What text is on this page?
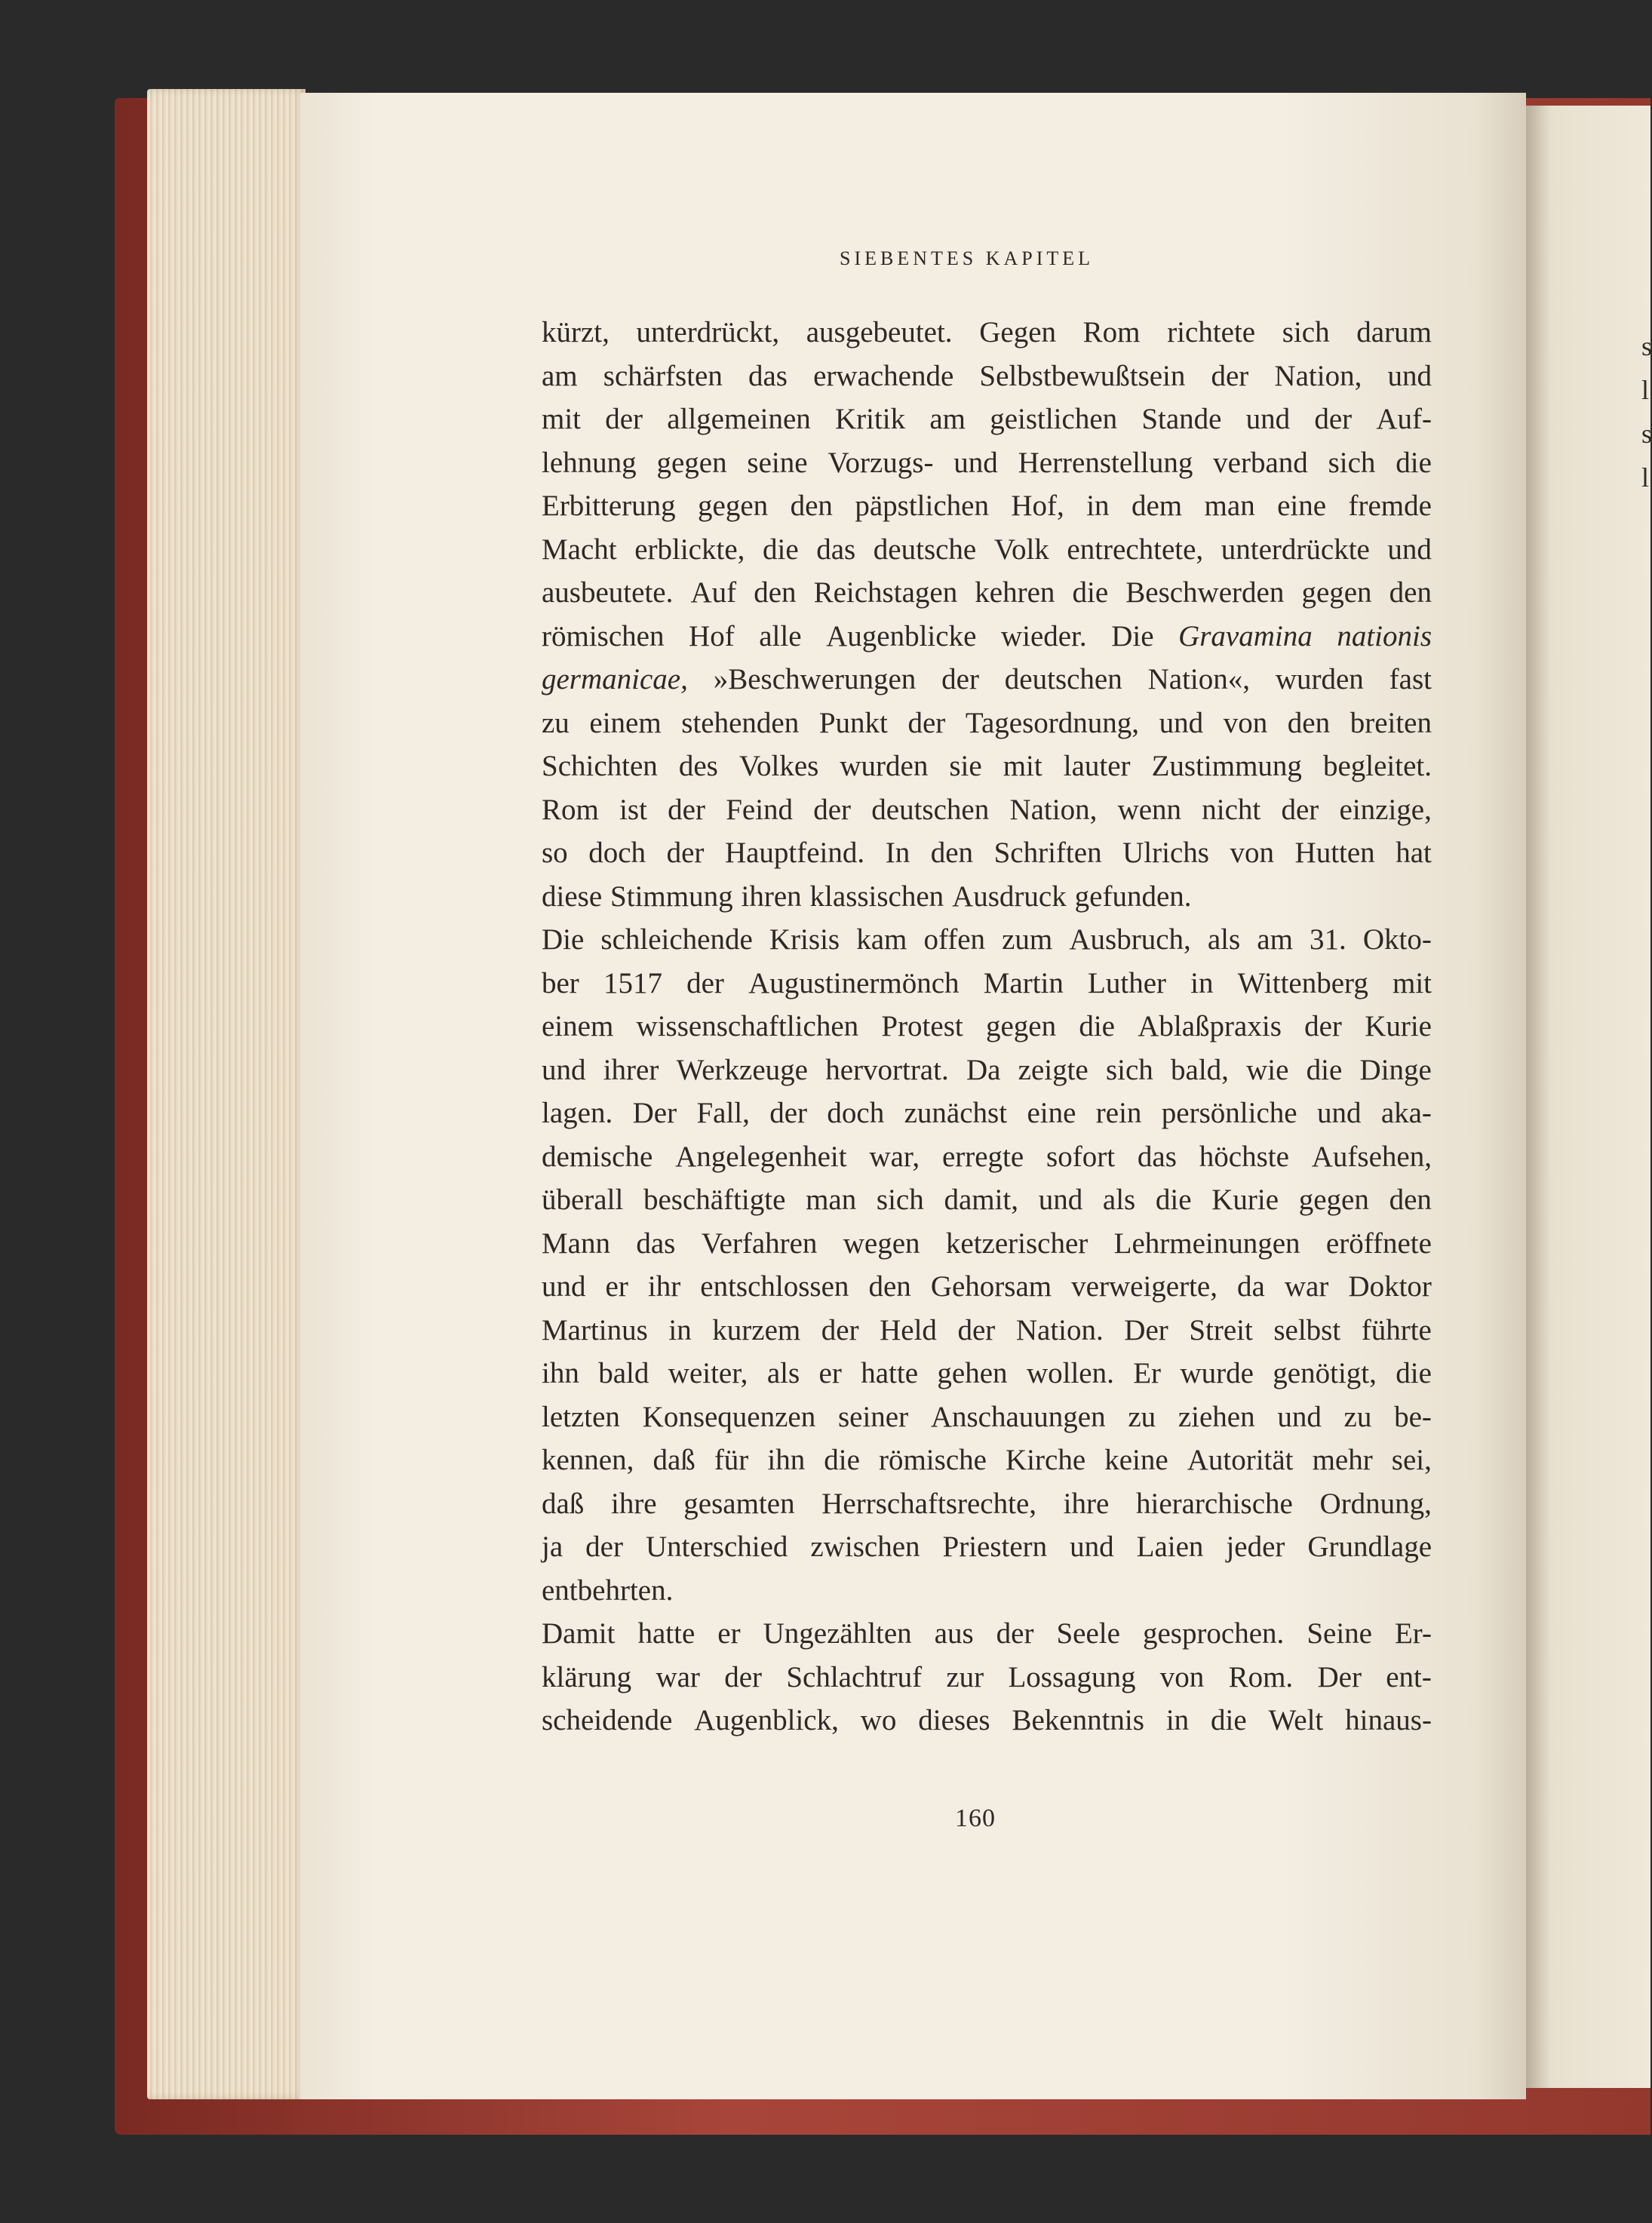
s
l
s
l
SIEBENTES KAPITEL
kürzt, unterdrückt, ausgebeutet. Gegen Rom richtete sich darum
am schärfsten das erwachende Selbstbewußtsein der Nation, und
mit der allgemeinen Kritik am geistlichen Stande und der Auf-
lehnung gegen seine Vorzugs- und Herrenstellung verband sich die
Erbitterung gegen den päpstlichen Hof, in dem man eine fremde
Macht erblickte, die das deutsche Volk entrechtete, unterdrückte und
ausbeutete. Auf den Reichstagen kehren die Beschwerden gegen den
römischen Hof alle Augenblicke wieder. Die Gravamina nationis
germanicae, »Beschwerungen der deutschen Nation«, wurden fast
zu einem stehenden Punkt der Tagesordnung, und von den breiten
Schichten des Volkes wurden sie mit lauter Zustimmung begleitet.
Rom ist der Feind der deutschen Nation, wenn nicht der einzige,
so doch der Hauptfeind. In den Schriften Ulrichs von Hutten hat
diese Stimmung ihren klassischen Ausdruck gefunden.
Die schleichende Krisis kam offen zum Ausbruch, als am 31. Okto-
ber 1517 der Augustinermönch Martin Luther in Wittenberg mit
einem wissenschaftlichen Protest gegen die Ablaßpraxis der Kurie
und ihrer Werkzeuge hervortrat. Da zeigte sich bald, wie die Dinge
lagen. Der Fall, der doch zunächst eine rein persönliche und aka-
demische Angelegenheit war, erregte sofort das höchste Aufsehen,
überall beschäftigte man sich damit, und als die Kurie gegen den
Mann das Verfahren wegen ketzerischer Lehrmeinungen eröffnete
und er ihr entschlossen den Gehorsam verweigerte, da war Doktor
Martinus in kurzem der Held der Nation. Der Streit selbst führte
ihn bald weiter, als er hatte gehen wollen. Er wurde genötigt, die
letzten Konsequenzen seiner Anschauungen zu ziehen und zu be-
kennen, daß für ihn die römische Kirche keine Autorität mehr sei,
daß ihre gesamten Herrschaftsrechte, ihre hierarchische Ordnung,
ja der Unterschied zwischen Priestern und Laien jeder Grundlage
entbehrten.
Damit hatte er Ungezählten aus der Seele gesprochen. Seine Er-
klärung war der Schlachtruf zur Lossagung von Rom. Der ent-
scheidende Augenblick, wo dieses Bekenntnis in die Welt hinaus-
160
